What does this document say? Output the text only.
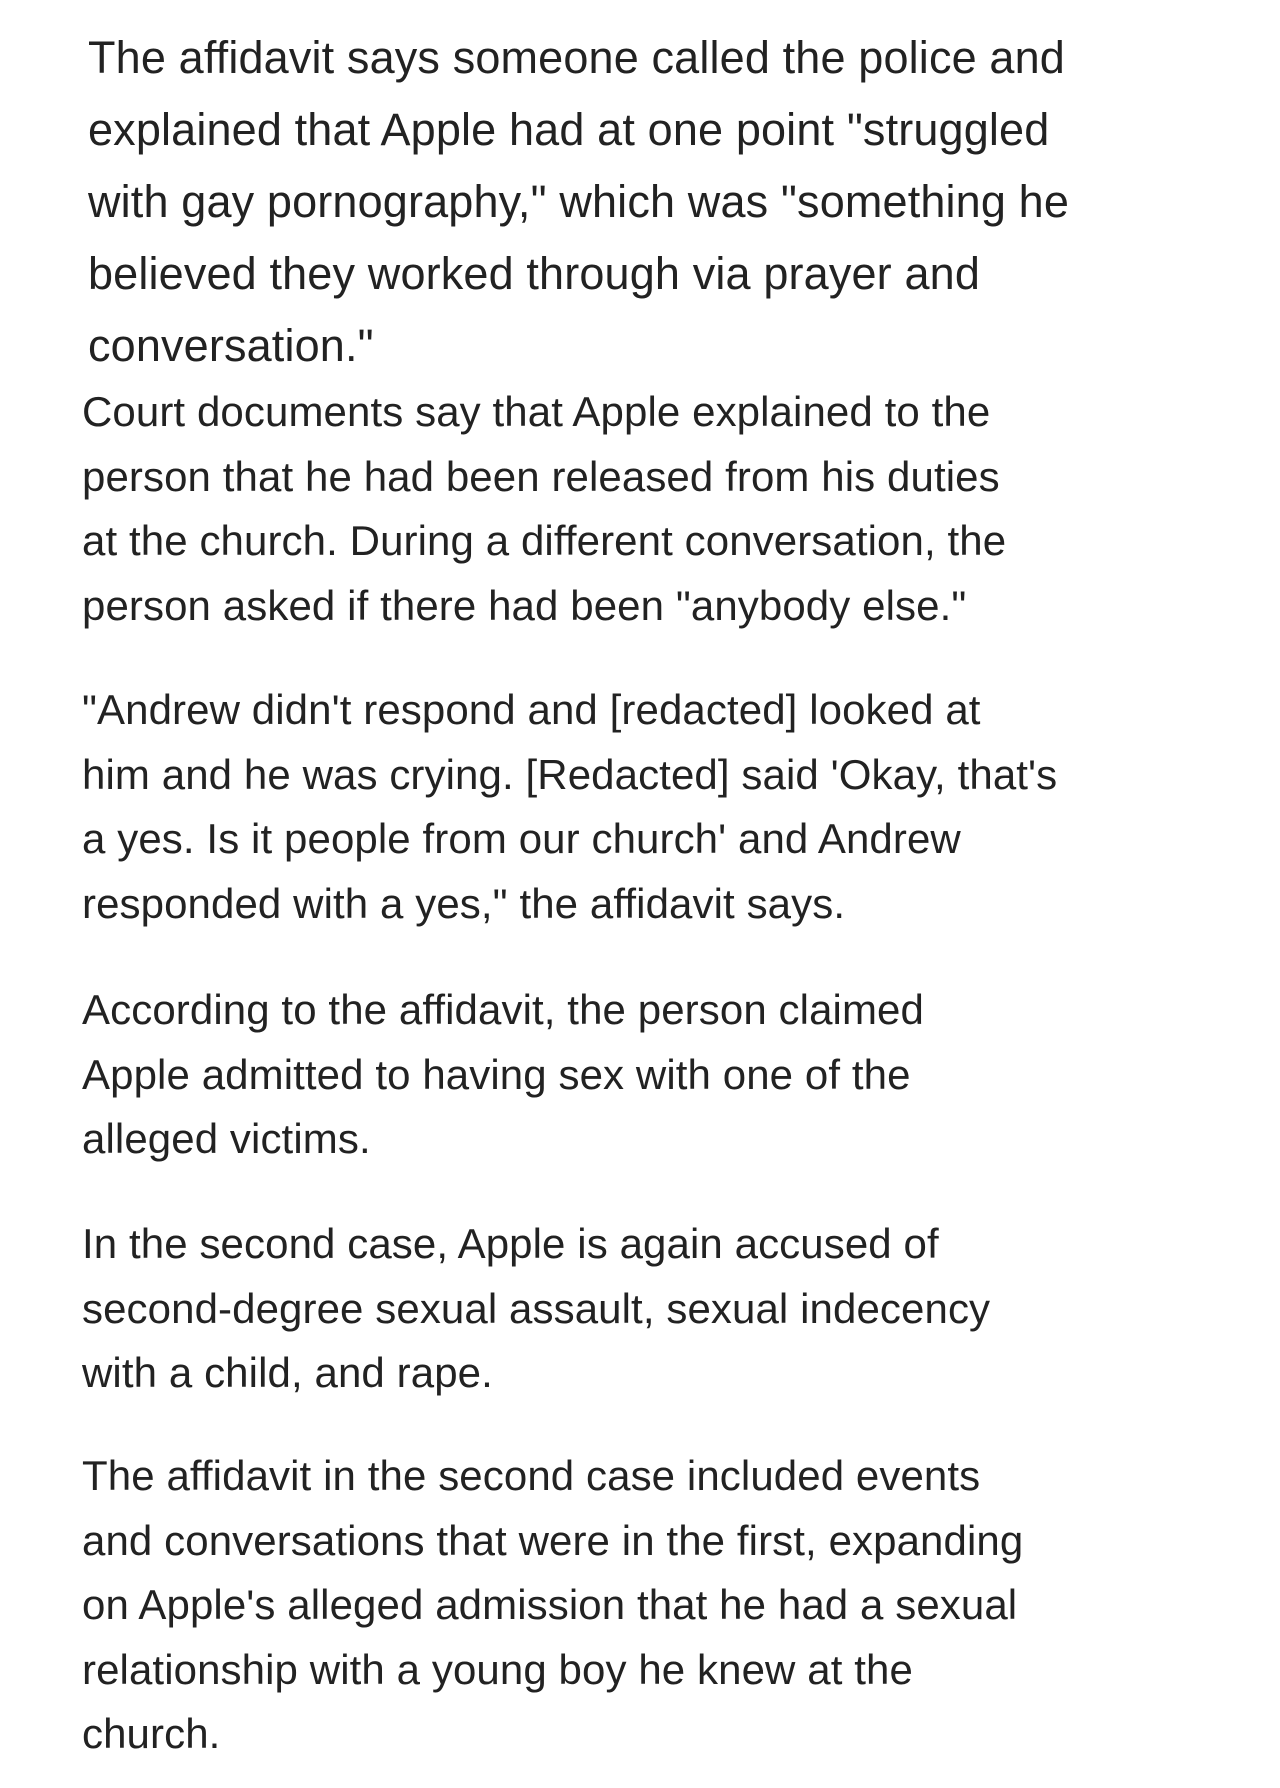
The affidavit says someone called the police and
explained that Apple had at one point "struggled
with gay pornography," which was "something he
believed they worked through via prayer and
conversation."

Court documents say that Apple explained to the
person that he had been released from his duties
at the church. During a different conversation, the
person asked if there had been "anybody else."

"Andrew didn't respond and [redacted] looked at
him and he was crying. [Redacted] said 'Okay, that's
a yes. Is it people from our church' and Andrew
responded with a yes," the affidavit says.

According to the affidavit, the person claimed
Apple admitted to having sex with one of the
alleged victims.

In the second case, Apple is again accused of
second-degree sexual assault, sexual indecency
with a child, and rape.

The affidavit in the second case included events
and conversations that were in the first, expanding
on Apple's alleged admission that he had a sexual
relationship with a young boy he knew at the
church.
